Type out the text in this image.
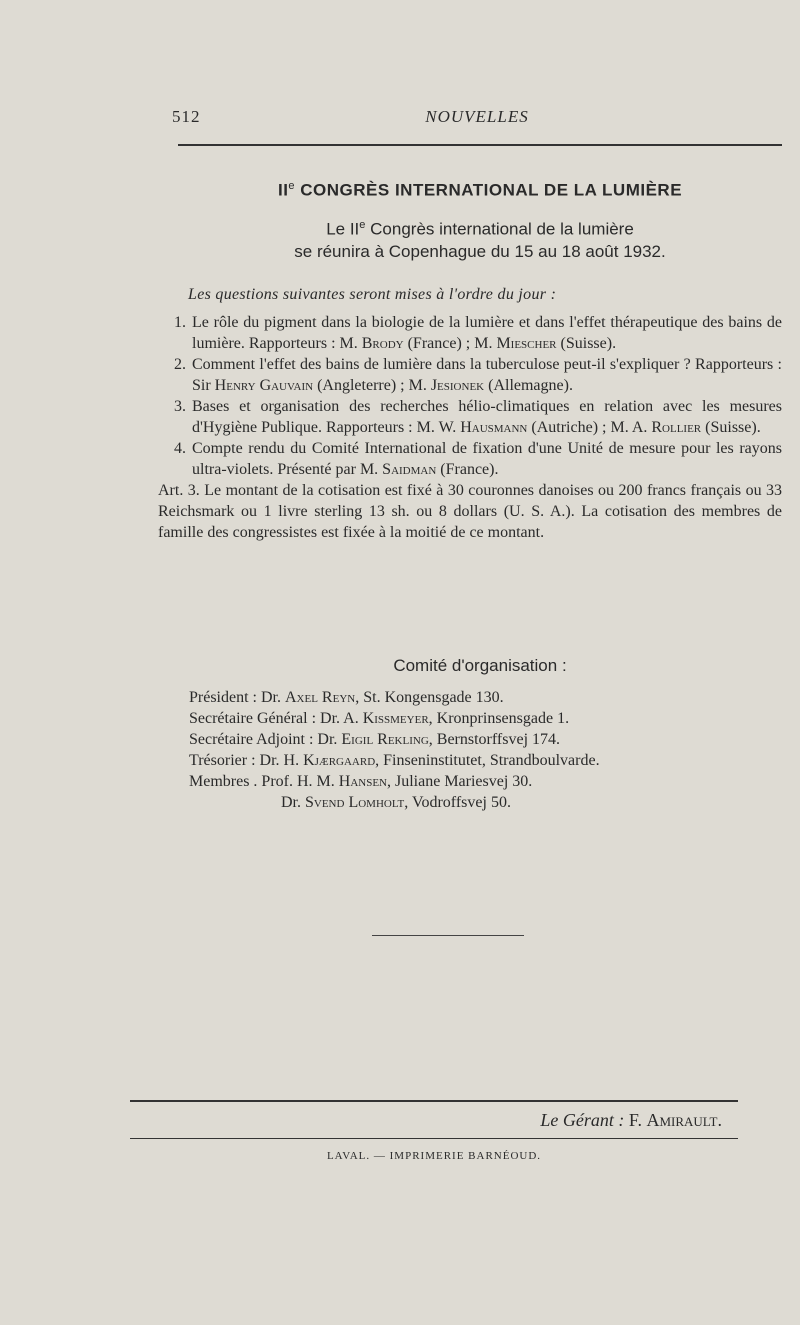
512	NOUVELLES
IIe CONGRÈS INTERNATIONAL DE LA LUMIÈRE
Le IIe Congrès international de la lumière
se réunira à Copenhague du 15 au 18 août 1932.
Les questions suivantes seront mises à l'ordre du jour :
1. Le rôle du pigment dans la biologie de la lumière et dans l'effet thérapeutique des bains de lumière. Rapporteurs : M. Brody (France) ; M. Miescher (Suisse).
2. Comment l'effet des bains de lumière dans la tuberculose peut-il s'expliquer ? Rapporteurs : Sir Henry Gauvain (Angleterre) ; M. Jesionek (Allemagne).
3. Bases et organisation des recherches hélio-climatiques en relation avec les mesures d'Hygiène Publique. Rapporteurs : M. W. Hausmann (Autriche) ; M. A. Rollier (Suisse).
4. Compte rendu du Comité International de fixation d'une Unité de mesure pour les rayons ultra-violets. Présenté par M. Saidman (France).
Art. 3. Le montant de la cotisation est fixé à 30 couronnes danoises ou 200 francs français ou 33 Reichsmark ou 1 livre sterling 13 sh. ou 8 dollars (U. S. A.). La cotisation des membres de famille des congressistes est fixée à la moitié de ce montant.
Comité d'organisation :
Président : Dr. Axel Reyn, St. Kongensgade 130.
Secrétaire Général : Dr. A. Kissmeyer, Kronprinsensgade 1.
Secrétaire Adjoint : Dr. Eigil Rekling, Bernstorffsvej 174.
Trésorier : Dr. H. Kjærgaard, Finseninstitutet, Strandboulvarde.
Membres . Prof. H. M. Hansen, Juliane Mariesvej 30.
Dr. Svend Lomholt, Vodroffsvej 50.
Le Gérant : F. Amirault.
LAVAL. — IMPRIMERIE BARNÉOUD.
